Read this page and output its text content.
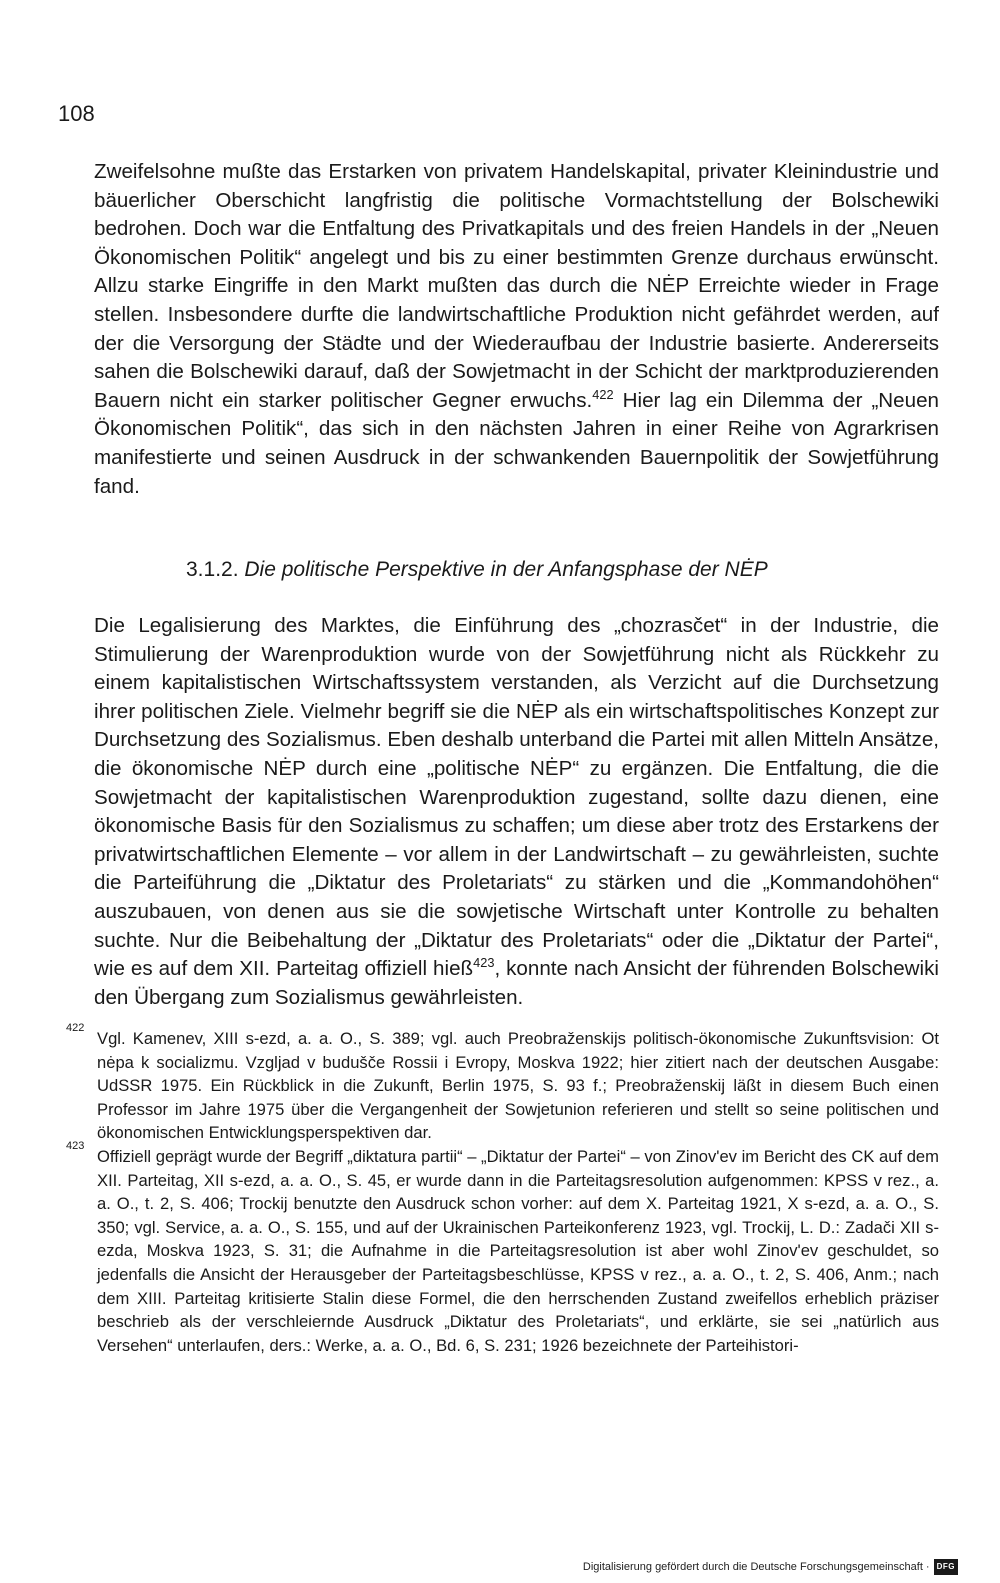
108

Zweifelsohne mußte das Erstarken von privatem Handelskapital, privater Kleinindustrie und bäuerlicher Oberschicht langfristig die politische Vormachtstellung der Bolschewiki bedrohen. Doch war die Entfaltung des Privatkapitals und des freien Handels in der „Neuen Ökonomischen Politik“ angelegt und bis zu einer bestimmten Grenze durchaus erwünscht. Allzu starke Eingriffe in den Markt mußten das durch die NĖP Erreichte wieder in Frage stellen. Insbesondere durfte die landwirtschaftliche Produktion nicht gefährdet werden, auf der die Versorgung der Städte und der Wiederaufbau der Industrie basierte. Andererseits sahen die Bolschewiki darauf, daß der Sowjetmacht in der Schicht der marktproduzierenden Bauern nicht ein starker politischer Gegner erwuchs.$^{422}$ Hier lag ein Dilemma der „Neuen Ökonomischen Politik“, das sich in den nächsten Jahren in einer Reihe von Agrarkrisen manifestierte und seinen Ausdruck in der schwankenden Bauernpolitik der Sowjetführung fand.

3.1.2. Die politische Perspektive in der Anfangsphase der NĖP

Die Legalisierung des Marktes, die Einführung des „chozrasčet“ in der Industrie, die Stimulierung der Warenproduktion wurde von der Sowjetführung nicht als Rückkehr zu einem kapitalistischen Wirtschaftssystem verstanden, als Verzicht auf die Durchsetzung ihrer politischen Ziele. Vielmehr begriff sie die NĖP als ein wirtschaftspolitisches Konzept zur Durchsetzung des Sozialismus. Eben deshalb unterband die Partei mit allen Mitteln Ansätze, die ökonomische NĖP durch eine „politische NĖP“ zu ergänzen. Die Entfaltung, die die Sowjetmacht der kapitalistischen Warenproduktion zugestand, sollte dazu dienen, eine ökonomische Basis für den Sozialismus zu schaffen; um diese aber trotz des Erstarkens der privatwirtschaftlichen Elemente – vor allem in der Landwirtschaft – zu gewährleisten, suchte die Parteiführung die „Diktatur des Proletariats“ zu stärken und die „Kommandohöhen“ auszubauen, von denen aus sie die sowjetische Wirtschaft unter Kontrolle zu behalten suchte. Nur die Beibehaltung der „Diktatur des Proletariats“ oder die „Diktatur der Partei“, wie es auf dem XII. Parteitag offiziell hieß$^{423}$, konnte nach Ansicht der führenden Bolschewiki den Übergang zum Sozialismus gewährleisten.

422
Vgl. Kamenev, XIII s-ezd, a. a. O., S. 389; vgl. auch Preobraženskijs politisch-ökonomische Zukunftsvision: Ot nėpa k socializmu. Vzgljad v budušče Rossii i Evropy, Moskva 1922; hier zitiert nach der deutschen Ausgabe: UdSSR 1975. Ein Rückblick in die Zukunft, Berlin 1975, S. 93 f.; Preobraženskij läßt in diesem Buch einen Professor im Jahre 1975 über die Vergangenheit der Sowjetunion referieren und stellt so seine politischen und ökonomischen Entwicklungsperspektiven dar.
423
Offiziell geprägt wurde der Begriff „diktatura partii“ – „Diktatur der Partei“ – von Zinov'ev im Bericht des CK auf dem XII. Parteitag, XII s-ezd, a. a. O., S. 45, er wurde dann in die Parteitagsresolution aufgenommen: KPSS v rez., a. a. O., t. 2, S. 406; Trockij benutzte den Ausdruck schon vorher: auf dem X. Parteitag 1921, X s-ezd, a. a. O., S. 350; vgl. Service, a. a. O., S. 155, und auf der Ukrainischen Parteikonferenz 1923, vgl. Trockij, L. D.: Zadači XII s-ezda, Moskva 1923, S. 31; die Aufnahme in die Parteitagsresolution ist aber wohl Zinov'ev geschuldet, so jedenfalls die Ansicht der Herausgeber der Parteitagsbeschlüsse, KPSS v rez., a. a. O., t. 2, S. 406, Anm.; nach dem XIII. Parteitag kritisierte Stalin diese Formel, die den herrschenden Zustand zweifellos erheblich präziser beschrieb als der verschleiernde Ausdruck „Diktatur des Proletariats“, und erklärte, sie sei „natürlich aus Versehen“ unterlaufen, ders.: Werke, a. a. O., Bd. 6, S. 231; 1926 bezeichnete der Parteihistori-
Digitalisierung gefördert durch die Deutsche Forschungsgemeinschaft · DFG
